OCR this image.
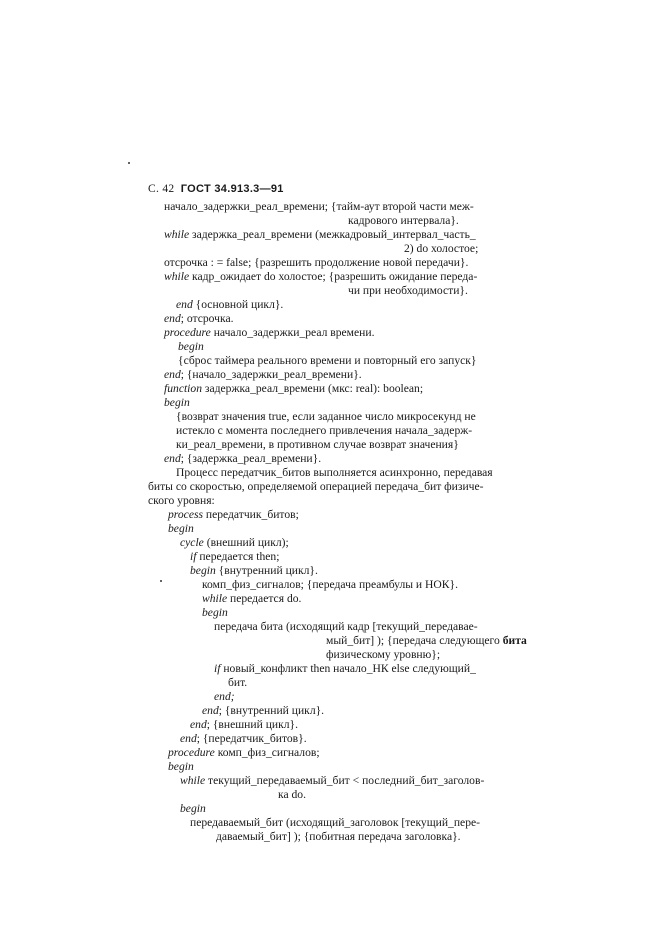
С. 42 ГОСТ 34.913.3—91
начало_задержки_реал_времени; {тайм-аут второй части меж-
кадрового интервала}.
while задержка_реал_времени (межкадровый_интервал_часть_
2) do холостое;
отсрочка : = false; {разрешить продолжение новой передачи}.
while кадр_ожидает do холостое; {разрешить ожидание переда-
чи при необходимости}.
end {основной цикл}.
end; отсрочка.
procedure начало_задержки_реал времени.
begin
{сброс таймера реального времени и повторный его запуск}
end; {начало_задержки_реал_времени}.
function задержка_реал_времени (мкс: real): boolean;
begin
{возврат значения true, если заданное число микросекунд не
истекло с момента последнего привлечения начала_задерж-
ки_реал_времени, в противном случае возврат значения}
end; {задержка_реал_времени}.
Процесс передатчик_битов выполняется асинхронно, передавая
биты со скоростью, определяемой операцией передача_бит физиче-
ского уровня:
process передатчик_битов;
begin
cycle (внешний цикл);
if передается then;
begin {внутренний цикл}.
комп_физ_сигналов; {передача преамбулы и НОК}.
while передается do.
begin
передача бита (исходящий кадр [текущий_передавае-
мый_бит] ); {передача следующего бита
физическому уровню};
if новый_конфликт then начало_НК else следующий_
бит.
end;
end; {внутренний цикл}.
end; {внешний цикл}.
end; {передатчик_битов}.
procedure комп_физ_сигналов;
begin
while текущий_передаваемый_бит < последний_бит_заголов-
ка do.
begin
передаваемый_бит (исходящий_заголовок [текущий_пере-
даваемый_бит] ); {побитная передача заголовка}.
